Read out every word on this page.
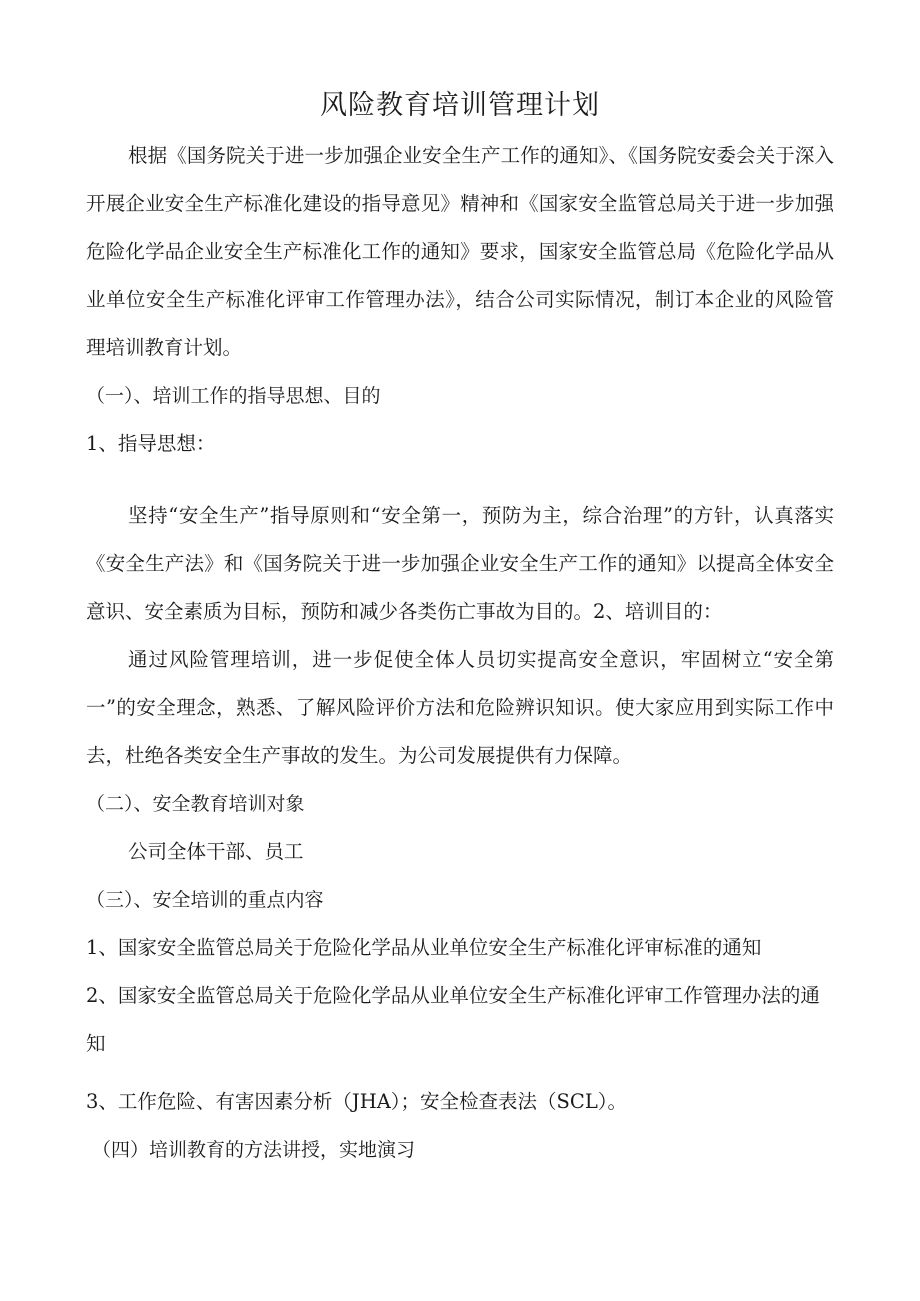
风险教育培训管理计划

根据《国务院关于进一步加强企业安全生产工作的通知》、《国务院安委会关于深入开展企业安全生产标准化建设的指导意见》精神和《国家安全监管总局关于进一步加强危险化学品企业安全生产标准化工作的通知》要求，国家安全监管总局《危险化学品从业单位安全生产标准化评审工作管理办法》，结合公司实际情况，制订本企业的风险管理培训教育计划。

（一）、培训工作的指导思想、目的

1、指导思想：

坚持“安全生产”指导原则和“安全第一，预防为主，综合治理”的方针，认真落实《安全生产法》和《国务院关于进一步加强企业安全生产工作的通知》以提高全体安全意识、安全素质为目标，预防和减少各类伤亡事故为目的。2、培训目的：

通过风险管理培训，进一步促使全体人员切实提高安全意识，牢固树立“安全第一”的安全理念，熟悉、了解风险评价方法和危险辨识知识。使大家应用到实际工作中去，杜绝各类安全生产事故的发生。为公司发展提供有力保障。

（二）、安全教育培训对象

公司全体干部、员工

（三）、安全培训的重点内容

1、国家安全监管总局关于危险化学品从业单位安全生产标准化评审标准的通知

2、国家安全监管总局关于危险化学品从业单位安全生产标准化评审工作管理办法的通知

3、工作危险、有害因素分析（JHA）；安全检查表法（SCL）。

（四）培训教育的方法讲授，实地演习
